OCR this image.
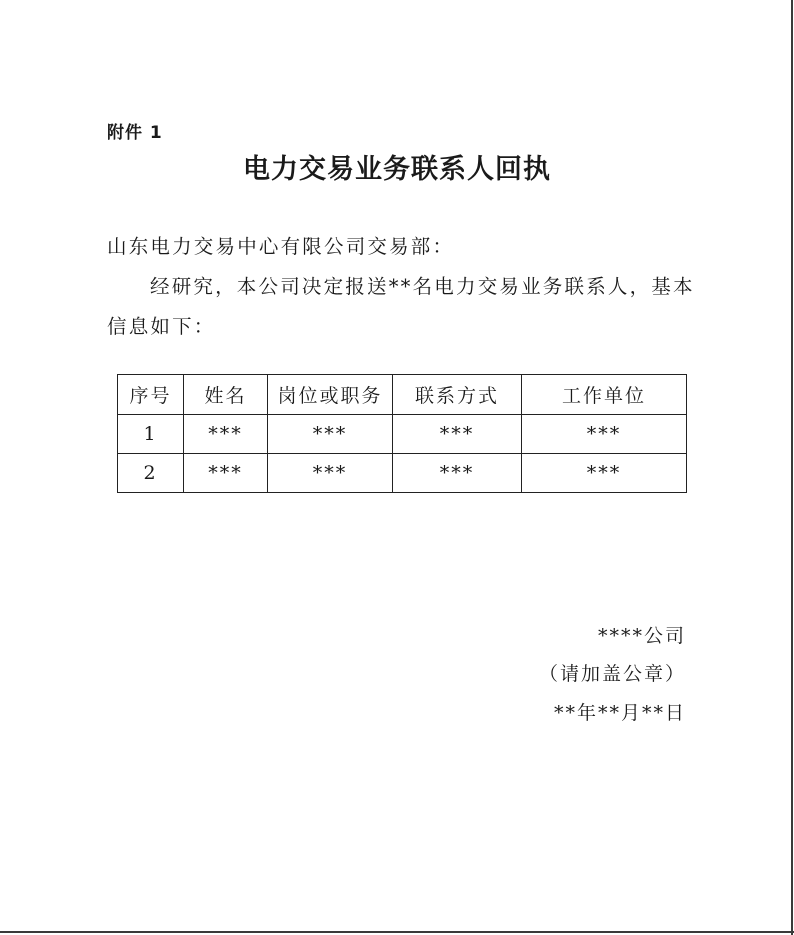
附件 1
电力交易业务联系人回执
山东电力交易中心有限公司交易部：
经研究，本公司决定报送**名电力交易业务联系人，基本
信息如下：
序号	姓名	岗位或职务	联系方式	工作单位
1	***	***	***	***
2	***	***	***	***
****公司
（请加盖公章）
**年**月**日
